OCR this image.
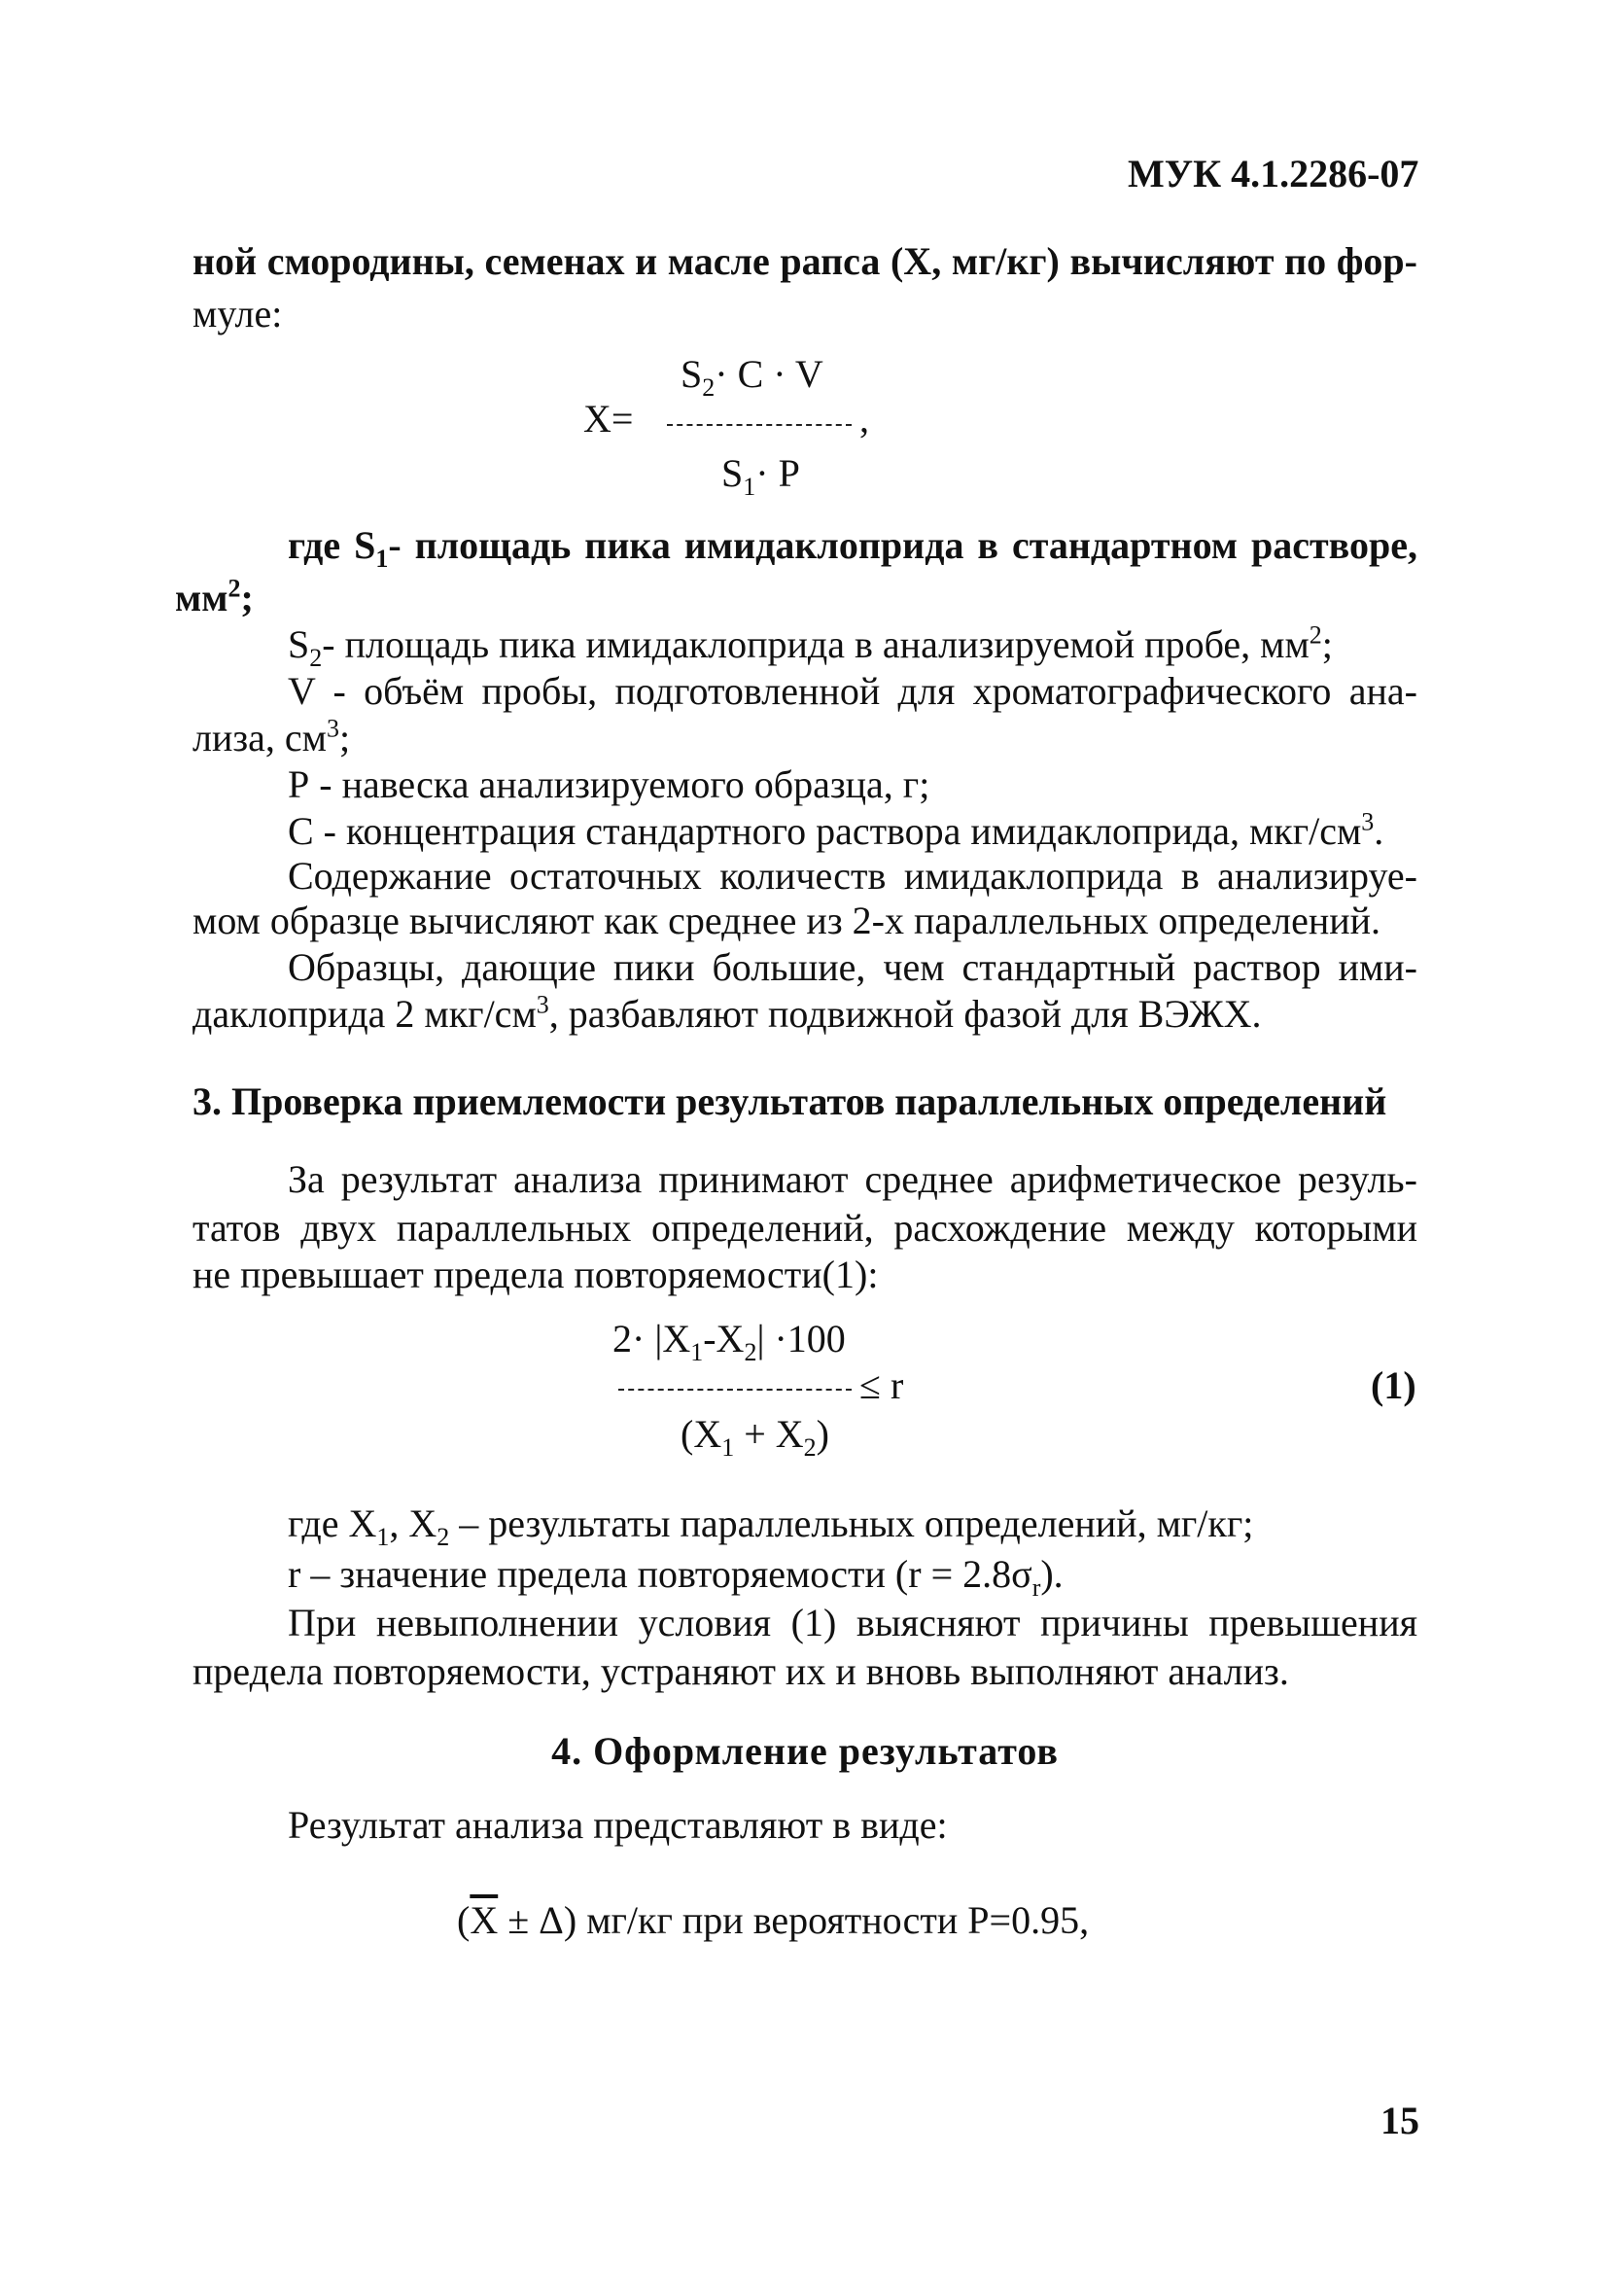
МУК 4.1.2286-07
ной смородины, семенах и масле рапса (Х, мг/кг) вычисляют по фор-
муле:
X=
$S_2\cdot C \cdot V$
,
$S_1\cdot P$
где $S_1-$ площадь пика имидаклоприда в стандартном растворе,
$мм^2$;
$S_2-$ площадь пика имидаклоприда в анализируемой пробе, $мм^2$;
V - объём пробы, подготовленной для хроматографического ана-
лиза, $см^3$;
Р - навеска анализируемого образца, г;
С - концентрация стандартного раствора имидаклоприда, мкг/$см^3$.
Содержание остаточных количеств имидаклоприда в анализируе-
мом образце вычисляют как среднее из 2-х параллельных определений.
Образцы, дающие пики большие, чем стандартный раствор ими-
даклоприда 2 мкг/$см^3$, разбавляют подвижной фазой для ВЭЖХ.
3. Проверка приемлемости результатов параллельных определений
За результат анализа принимают среднее арифметическое резуль-
татов двух параллельных определений, расхождение между которыми
не превышает предела повторяемости(1):
$2\cdot |X_1-X_2| \cdot 100$
≤ r	(1)
$(X_1 + X_2)$
где $X_1$, $X_2$ – результаты параллельных определений, мг/кг;
r – значение предела повторяемости $(r = 2.8\sigma_r)$.
При невыполнении условия (1) выясняют причины превышения
предела повторяемости, устраняют их и вновь выполняют анализ.
4. Оформление результатов
Результат анализа представляют в виде:
$(\overline{X} \pm \Delta)$ мг/кг при вероятности Р=0.95,
15
